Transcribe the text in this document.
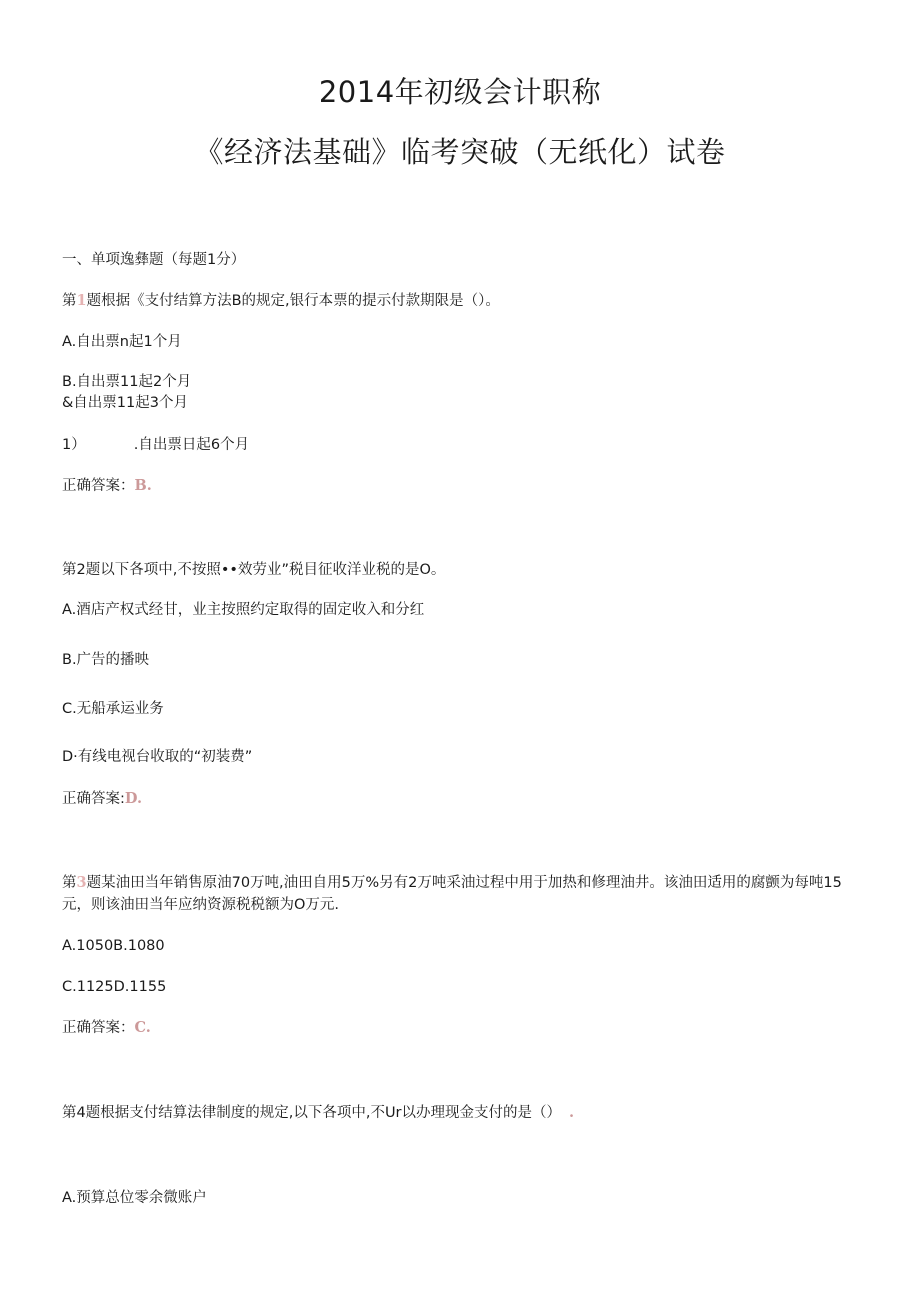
2014年初级会计职称
《经济法基础》临考突破（无纸化）试卷
一、单项逸彝题（每题1分）
第1题根据《支付结算方法B的规定,银行本票的提示付款期限是（）。
A.自出票n起1个月
B.自出票11起2个月
&自出票11起3个月
1）	.自出票日起6个月
正确答案：B.
第2题以下各项中,不按照••效劳业”税目征收洋业税的是O。
A.酒店产权式经甘，业主按照约定取得的固定收入和分红
B.广告的播映
C.无船承运业务
D·有线电视台收取的“初装费”
正确答案:D.
第3题某油田当年销售原油70万吨,油田自用5万%另有2万吨采油过程中用于加热和修理油井。该油田适用的腐颤为每吨15元，则该油田当年应纳资源税税额为O万元.
A.1050B.1080
C.1125D.1155
正确答案：C.
第4题根据支付结算法律制度的规定,以下各项中,不Ur以办理现金支付的是（） .
A.预算总位零余微账户
